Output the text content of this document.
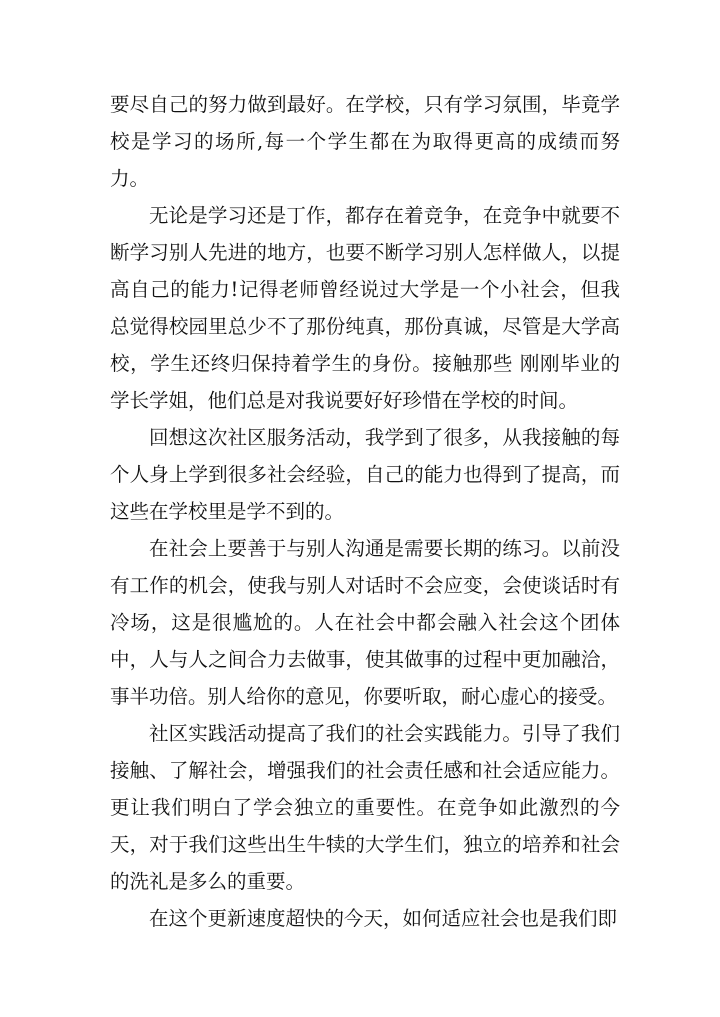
要尽自己的努力做到最好。在学校，只有学习氛围，毕竟学校是学习的场所,每一个学生都在为取得更高的成绩而努力。

无论是学习还是丁作，都存在着竞争，在竞争中就要不断学习别人先进的地方，也要不断学习别人怎样做人，以提高自己的能力!记得老师曾经说过大学是一个小社会，但我总觉得校园里总少不了那份纯真，那份真诚，尽管是大学高校，学生还终归保持着学生的身份。接触那些 刚刚毕业的学长学姐，他们总是对我说要好好珍惜在学校的时间。

回想这次社区服务活动，我学到了很多，从我接触的每个人身上学到很多社会经验，自己的能力也得到了提高，而这些在学校里是学不到的。

在社会上要善于与别人沟通是需要长期的练习。以前没有工作的机会，使我与别人对话时不会应变，会使谈话时有冷场，这是很尴尬的。人在社会中都会融入社会这个团体中，人与人之间合力去做事，使其做事的过程中更加融洽，事半功倍。别人给你的意见，你要听取，耐心虚心的接受。

社区实践活动提高了我们的社会实践能力。引导了我们接触、了解社会，增强我们的社会责任感和社会适应能力。更让我们明白了学会独立的重要性。在竞争如此激烈的今天，对于我们这些出生牛犊的大学生们，独立的培养和社会的洗礼是多么的重要。

在这个更新速度超快的今天，如何适应社会也是我们即
